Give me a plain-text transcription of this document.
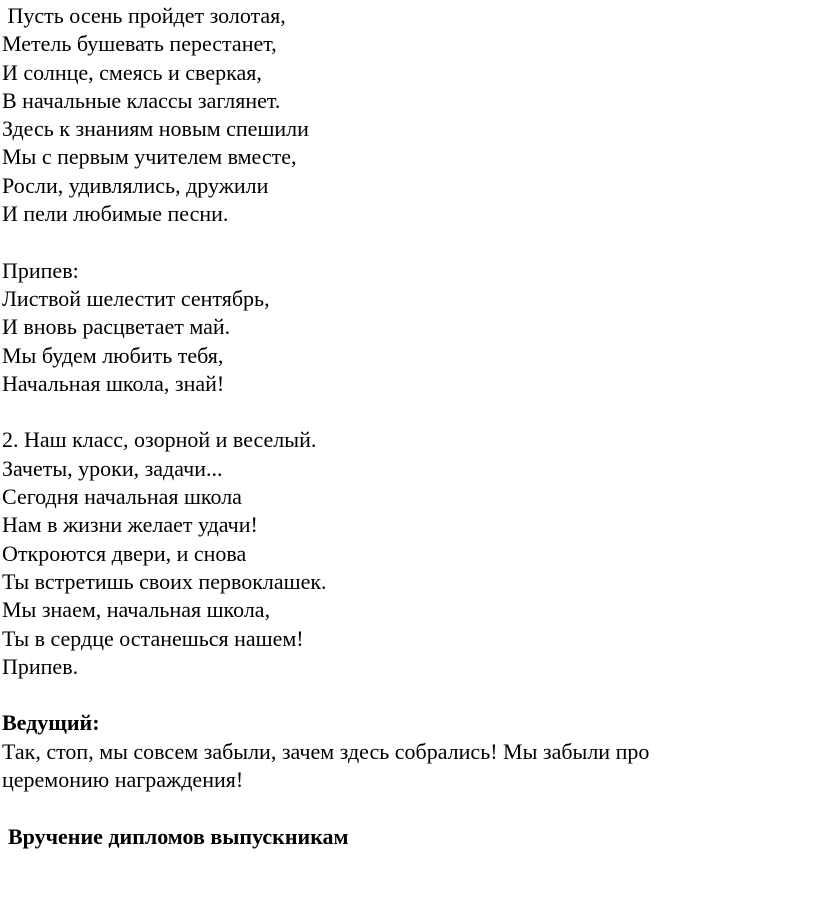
Пусть осень пройдет золотая,
Метель бушевать перестанет,
И солнце, смеясь и сверкая,
В начальные классы заглянет.
Здесь к знаниям новым спешили
Мы с первым учителем вместе,
Росли, удивлялись, дружили
И пели любимые песни.
Припев:
Листвой шелестит сентябрь,
И вновь расцветает май.
Мы будем любить тебя,
Начальная школа, знай!
2. Наш класс, озорной и веселый.
Зачеты, уроки, задачи...
Сегодня начальная школа
Нам в жизни желает удачи!
Откроются двери, и снова
Ты встретишь своих первоклашек.
Мы знаем, начальная школа,
Ты в сердце останешься нашем!
Припев.
Ведущий:
Так, стоп, мы совсем забыли, зачем здесь собрались! Мы забыли про
церемонию награждения!
Вручение дипломов выпускникам
